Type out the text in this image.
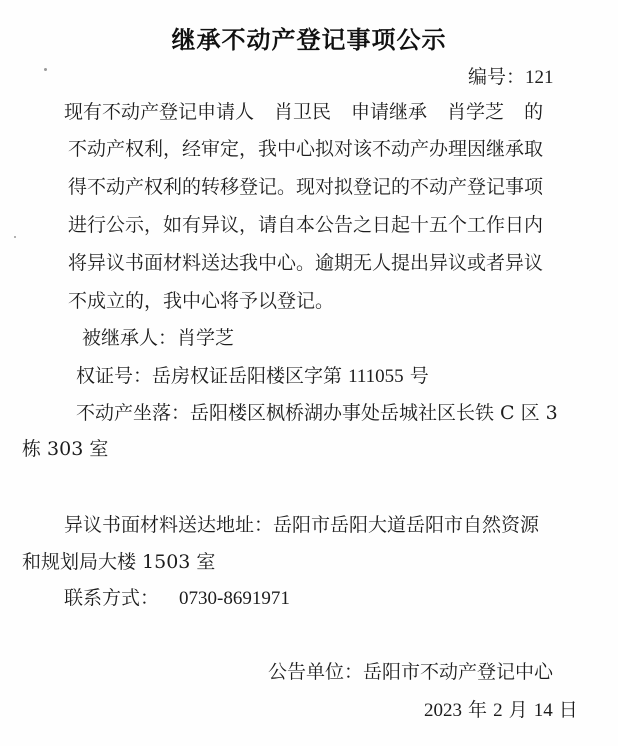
继承不动产登记事项公示
编号：121
现有不动产登记申请人 肖卫民 申请继承 肖学芝 的
不动产权利，经审定，我中心拟对该不动产办理因继承取
得不动产权利的转移登记。现对拟登记的不动产登记事项
进行公示，如有异议，请自本公告之日起十五个工作日内
将异议书面材料送达我中心。逾期无人提出异议或者异议
不成立的，我中心将予以登记。
被继承人：肖学芝
权证号：岳房权证岳阳楼区字第 111055 号
不动产坐落：岳阳楼区枫桥湖办事处岳城社区长铁 C 区 3
栋 303 室
异议书面材料送达地址：岳阳市岳阳大道岳阳市自然资源
和规划局大楼 1503 室
联系方式： 0730-8691971
公告单位：岳阳市不动产登记中心
2023 年 2 月 14 日
